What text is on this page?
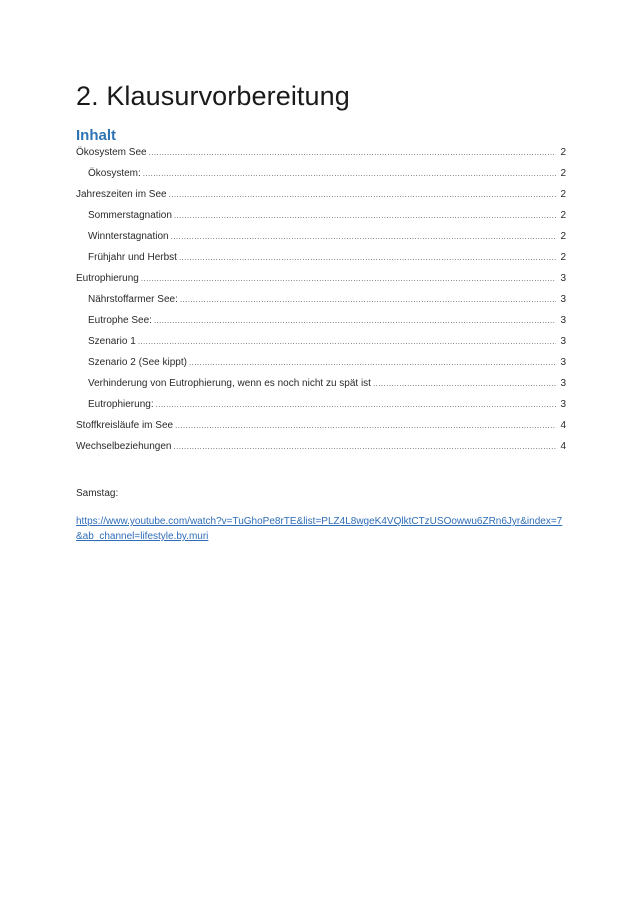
2. Klausurvorbereitung
Inhalt
Ökosystem See .....	2
Ökosystem: .....	2
Jahreszeiten im See .....	2
Sommerstagnation .....	2
Winnterstagnation .....	2
Frühjahr und Herbst .....	2
Eutrophierung .....	3
Nährstoffarmer See: .....	3
Eutrophe See: .....	3
Szenario 1 .....	3
Szenario 2 (See kippt) .....	3
Verhinderung von Eutrophierung, wenn es noch nicht zu spät ist .....	3
Eutrophierung: .....	3
Stoffkreisläufe im See .....	4
Wechselbeziehungen .....	4

Samstag:

https://www.youtube.com/watch?v=TuGhoPe8rTE&list=PLZ4L8wgeK4VQlktCTzUSOowwu6ZRn6Jyr&index=7&ab_channel=lifestyle.by.muri
